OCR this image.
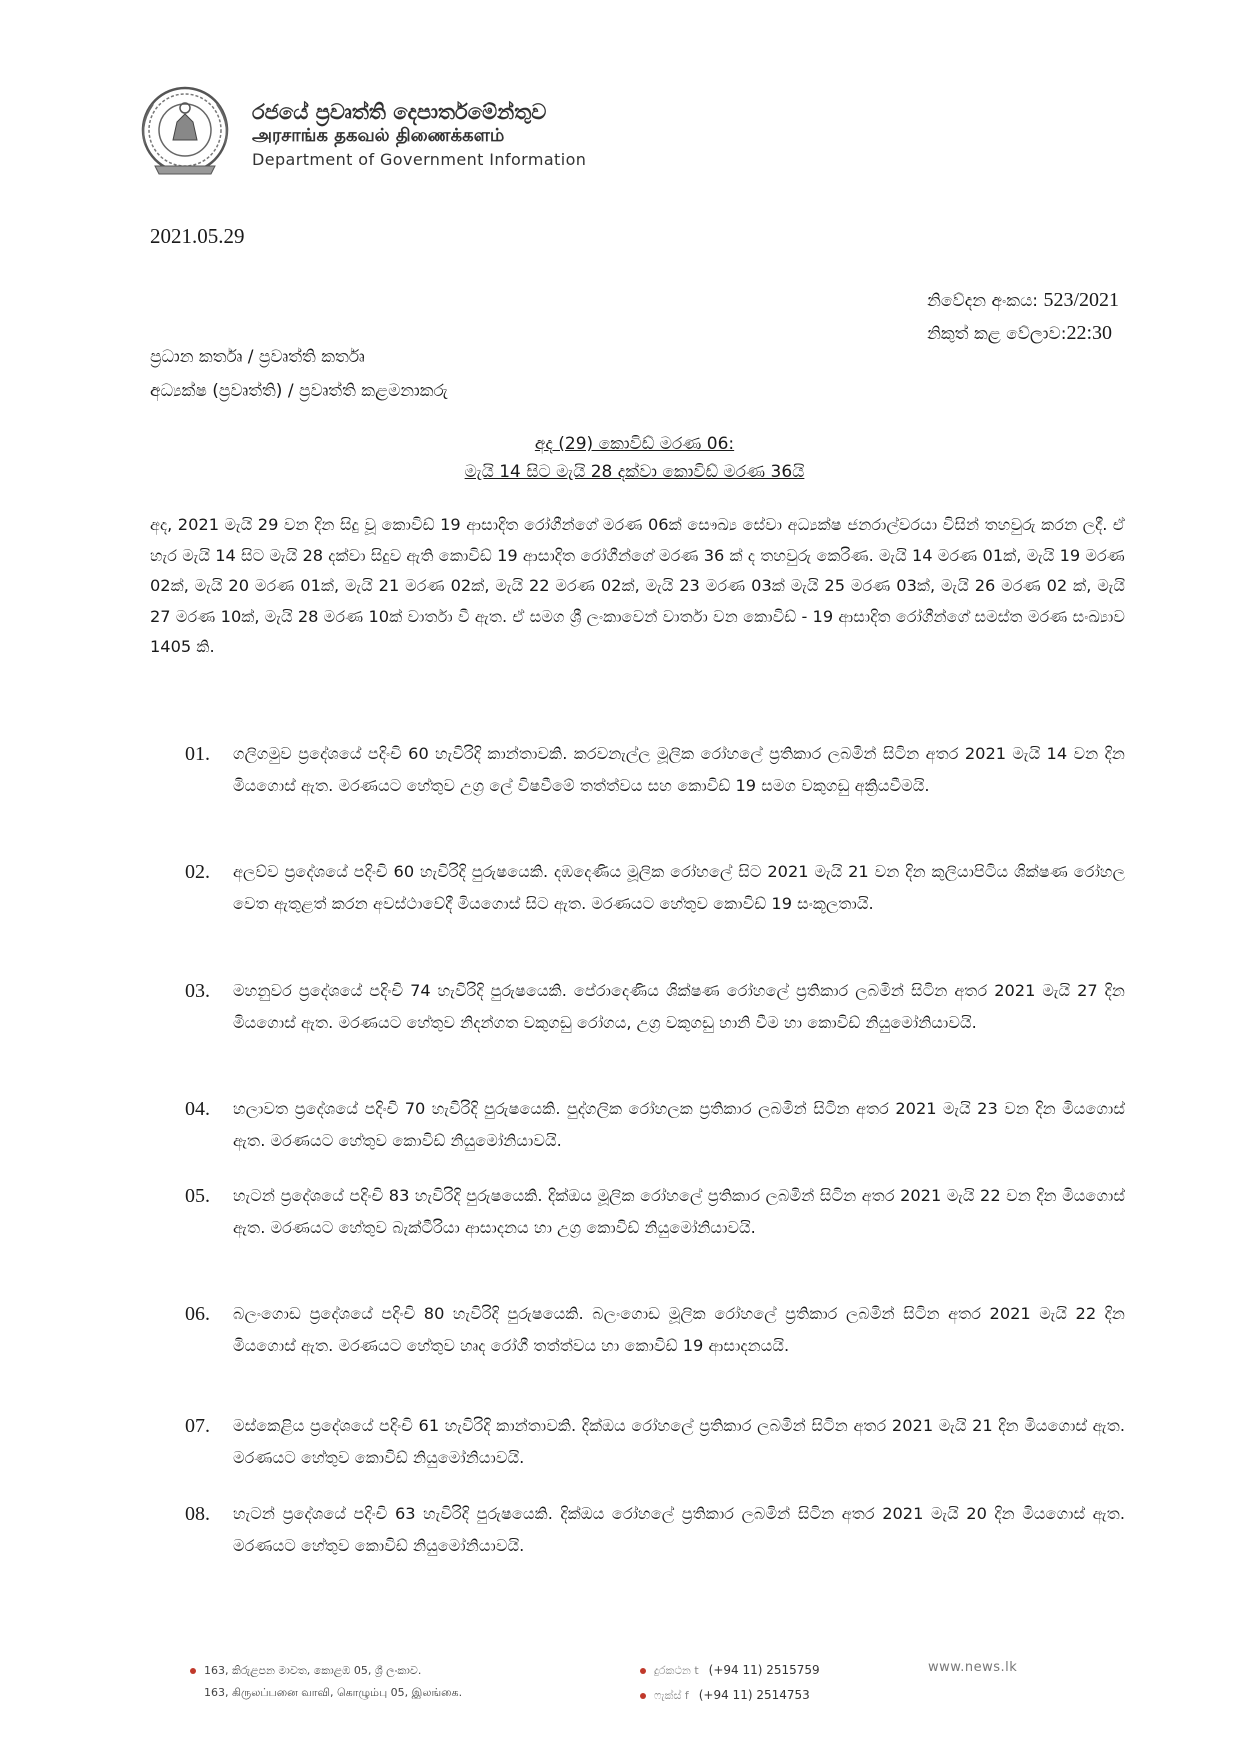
රජයේ ප්‍රවෘත්ති දෙපාර්තමේන්තුව
அரசாங்க தகவல் திணைக்களம்
Department of Government Information
2021.05.29
නිවේදන අංකය: 523/2021
නිකුත් කළ වේලාව:22:30
ප්‍රධාන කර්තෘ / ප්‍රවෘත්ති කර්තෘ
අධ්‍යක්ෂ (ප්‍රවෘත්ති) / ප්‍රවෘත්ති කළමනාකරු
අද (29) කොවිඩ් මරණ 06:
මැයි 14 සිට මැයි 28 දක්වා කොවිඩ් මරණ 36යි
අද, 2021 මැයි 29 වන දින සිදු වූ කොවිඩ් 19 ආසාදිත රෝගීන්ගේ මරණ 06ක් සෞඛ්‍ය සේවා අධ්‍යක්ෂ ජනරාල්වරයා විසින් තහවුරු කරන ලදී. ඒ හැර මැයි 14 සිට මැයි 28 දක්වා සිදුව ඇති කොවිඩ් 19 ආසාදිත රෝගීන්ගේ මරණ 36 ක් ද තහවුරු කෙරිණ. මැයි 14 මරණ 01ක්, මැයි 19 මරණ 02ක්, මැයි 20 මරණ 01ක්, මැයි 21 මරණ 02ක්, මැයි 22 මරණ 02ක්, මැයි 23 මරණ 03ක් මැයි 25 මරණ 03ක්, මැයි 26 මරණ 02 ක්, මැයි 27 මරණ 10ක්, මැයි 28 මරණ 10ක් වාර්තා වී ඇත. ඒ සමග ශ්‍රී ලංකාවෙන් වාර්තා වන කොවිඩ් - 19 ආසාදිත රෝගීන්ගේ සමස්ත මරණ සංඛ්‍යාව 1405 කි.
01. ගලිගමුව ප්‍රදේශයේ පදිංචි 60 හැවිරිදි කාන්තාවකි. කරවනැල්ල මූලික රෝහලේ ප්‍රතිකාර ලබමින් සිටින අතර 2021 මැයි 14 වන දින මියගොස් ඇත. මරණයට හේතුව උග්‍ර ලේ විෂවීමේ තත්ත්වය සහ කොවිඩ් 19 සමග වකුගඩු අක්‍රියවීමයි.
02. අලව්ව ප්‍රදේශයේ පදිංචි 60 හැවිරිදි පුරුෂයෙකි. දඹදෙණිය මූලික රෝහලේ සිට 2021 මැයි 21 වන දින කුලියාපිටිය ශික්ෂණ රෝහල වෙත ඇතුළත් කරන අවස්ථාවේදී මියගොස් සිට ඇත. මරණයට හේතුව කොවිඩ් 19 සංකූලතායි.
03. මහනුවර ප්‍රදේශයේ පදිංචි 74 හැවිරිදි පුරුෂයෙකි. පේරාදෙණිය ශික්ෂණ රෝහලේ ප්‍රතිකාර ලබමින් සිටින අතර 2021 මැයි 27 දින මියගොස් ඇත. මරණයට හේතුව නිදන්ගත වකුගඩු රෝගය, උග්‍ර වකුගඩු හානි වීම හා කොවිඩ් නියුමෝනියාවයි.
04. හලාවත ප්‍රදේශයේ පදිංචි 70 හැවිරිදි පුරුෂයෙකි. පුද්ගලික රෝහලක ප්‍රතිකාර ලබමින් සිටින අතර 2021 මැයි 23 වන දින මියගොස් ඇත. මරණයට හේතුව කොවිඩ් නියුමෝනියාවයි.
05. හැටන් ප්‍රදේශයේ පදිංචි 83 හැවිරිදි පුරුෂයෙකි. දික්ඔය මූලික රෝහලේ ප්‍රතිකාර ලබමින් සිටින අතර 2021 මැයි 22 වන දින මියගොස් ඇත. මරණයට හේතුව බැක්ටීරියා ආසාදනය හා උග්‍ර කොවිඩ් නියුමෝනියාවයි.
06. බලංගොඩ ප්‍රදේශයේ පදිංචි 80 හැවිරිදි පුරුෂයෙකි. බලංගොඩ මූලික රෝහලේ ප්‍රතිකාර ලබමින් සිටින අතර 2021 මැයි 22 දින මියගොස් ඇත. මරණයට හේතුව හෘද රෝගී තත්ත්වය හා කොවිඩ් 19 ආසාදනයයි.
07. මස්කෙළිය ප්‍රදේශයේ පදිංචි 61 හැවිරිදි කාන්තාවකි. දික්ඔය රෝහලේ ප්‍රතිකාර ලබමින් සිටින අතර 2021 මැයි 21 දින මියගොස් ඇත. මරණයට හේතුව කොවිඩ් නියුමෝනියාවයි.
08. හැටන් ප්‍රදේශයේ පදිංචි 63 හැවිරිදි පුරුෂයෙකි. දික්ඔය රෝහලේ ප්‍රතිකාර ලබමින් සිටින අතර 2021 මැයි 20 දින මියගොස් ඇත. මරණයට හේතුව කොවිඩ් නියුමෝනියාවයි.
163, කිරුළපන මාවත, කොළඹ 05, ශ්‍රී ලංකාව.
163, கிருலப்பனை வாவி, கொழும்பு 05, இலங்கை.
දුරකථන t (+94 11) 2515759
ෆැක්ස් f (+94 11) 2514753
www.news.lk
